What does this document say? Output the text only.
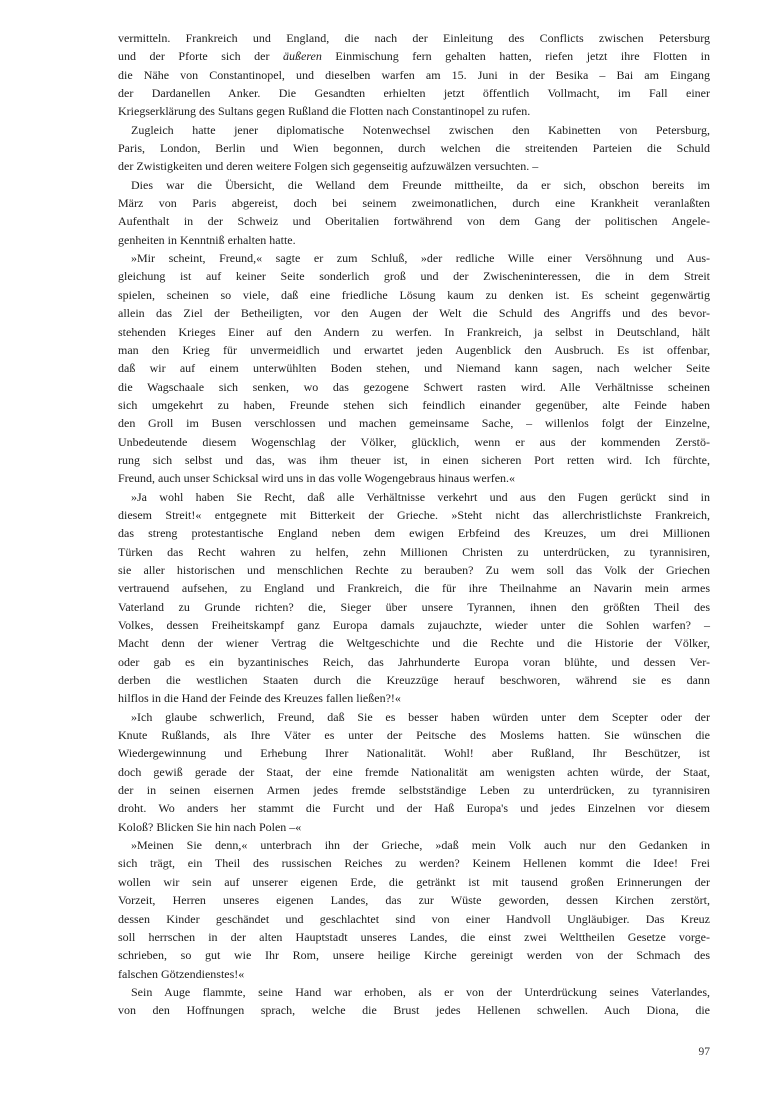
vermitteln. Frankreich und England, die nach der Einleitung des Conflicts zwischen Petersburg
und der Pforte sich der äußeren Einmischung fern gehalten hatten, riefen jetzt ihre Flotten in
die Nähe von Constantinopel, und dieselben warfen am 15. Juni in der Besika – Bai am Eingang
der Dardanellen Anker. Die Gesandten erhielten jetzt öffentlich Vollmacht, im Fall einer
Kriegserklärung des Sultans gegen Rußland die Flotten nach Constantinopel zu rufen.
Zugleich hatte jener diplomatische Notenwechsel zwischen den Kabinetten von Petersburg,
Paris, London, Berlin und Wien begonnen, durch welchen die streitenden Parteien die Schuld
der Zwistigkeiten und deren weitere Folgen sich gegenseitig aufzuwälzen versuchten. –
Dies war die Übersicht, die Welland dem Freunde mittheilte, da er sich, obschon bereits im
März von Paris abgereist, doch bei seinem zweimonatlichen, durch eine Krankheit veranlaßten
Aufenthalt in der Schweiz und Oberitalien fortwährend von dem Gang der politischen Angele-
genheiten in Kenntniß erhalten hatte.
»Mir scheint, Freund,« sagte er zum Schluß, »der redliche Wille einer Versöhnung und Aus-
gleichung ist auf keiner Seite sonderlich groß und der Zwischeninteressen, die in dem Streit
spielen, scheinen so viele, daß eine friedliche Lösung kaum zu denken ist. Es scheint gegenwärtig
allein das Ziel der Betheiligten, vor den Augen der Welt die Schuld des Angriffs und des bevor-
stehenden Krieges Einer auf den Andern zu werfen. In Frankreich, ja selbst in Deutschland, hält
man den Krieg für unvermeidlich und erwartet jeden Augenblick den Ausbruch. Es ist offenbar,
daß wir auf einem unterwühlten Boden stehen, und Niemand kann sagen, nach welcher Seite
die Wagschaale sich senken, wo das gezogene Schwert rasten wird. Alle Verhältnisse scheinen
sich umgekehrt zu haben, Freunde stehen sich feindlich einander gegenüber, alte Feinde haben
den Groll im Busen verschlossen und machen gemeinsame Sache, – willenlos folgt der Einzelne,
Unbedeutende diesem Wogenschlag der Völker, glücklich, wenn er aus der kommenden Zerstö-
rung sich selbst und das, was ihm theuer ist, in einen sicheren Port retten wird. Ich fürchte,
Freund, auch unser Schicksal wird uns in das volle Wogengebraus hinaus werfen.«
»Ja wohl haben Sie Recht, daß alle Verhältnisse verkehrt und aus den Fugen gerückt sind in
diesem Streit!« entgegnete mit Bitterkeit der Grieche. »Steht nicht das allerchristlichste Frankreich,
das streng protestantische England neben dem ewigen Erbfeind des Kreuzes, um drei Millionen
Türken das Recht wahren zu helfen, zehn Millionen Christen zu unterdrücken, zu tyrannisiren,
sie aller historischen und menschlichen Rechte zu berauben? Zu wem soll das Volk der Griechen
vertrauend aufsehen, zu England und Frankreich, die für ihre Theilnahme an Navarin mein armes
Vaterland zu Grunde richten? die, Sieger über unsere Tyrannen, ihnen den größten Theil des
Volkes, dessen Freiheitskampf ganz Europa damals zujauchzte, wieder unter die Sohlen warfen? –
Macht denn der wiener Vertrag die Weltgeschichte und die Rechte und die Historie der Völker,
oder gab es ein byzantinisches Reich, das Jahrhunderte Europa voran blühte, und dessen Ver-
derben die westlichen Staaten durch die Kreuzzüge herauf beschworen, während sie es dann
hilflos in die Hand der Feinde des Kreuzes fallen ließen?!«
»Ich glaube schwerlich, Freund, daß Sie es besser haben würden unter dem Scepter oder der
Knute Rußlands, als Ihre Väter es unter der Peitsche des Moslems hatten. Sie wünschen die
Wiedergewinnung und Erhebung Ihrer Nationalität. Wohl! aber Rußland, Ihr Beschützer, ist
doch gewiß gerade der Staat, der eine fremde Nationalität am wenigsten achten würde, der Staat,
der in seinen eisernen Armen jedes fremde selbstständige Leben zu unterdrücken, zu tyrannisiren
droht. Wo anders her stammt die Furcht und der Haß Europa's und jedes Einzelnen vor diesem
Koloß? Blicken Sie hin nach Polen –«
»Meinen Sie denn,« unterbrach ihn der Grieche, »daß mein Volk auch nur den Gedanken in
sich trägt, ein Theil des russischen Reiches zu werden? Keinem Hellenen kommt die Idee! Frei
wollen wir sein auf unserer eigenen Erde, die getränkt ist mit tausend großen Erinnerungen der
Vorzeit, Herren unseres eigenen Landes, das zur Wüste geworden, dessen Kirchen zerstört,
dessen Kinder geschändet und geschlachtet sind von einer Handvoll Ungläubiger. Das Kreuz
soll herrschen in der alten Hauptstadt unseres Landes, die einst zwei Welttheilen Gesetze vorge-
schrieben, so gut wie Ihr Rom, unsere heilige Kirche gereinigt werden von der Schmach des
falschen Götzendienstes!«
Sein Auge flammte, seine Hand war erhoben, als er von der Unterdrückung seines Vaterlandes,
von den Hoffnungen sprach, welche die Brust jedes Hellenen schwellen. Auch Diona, die
97
